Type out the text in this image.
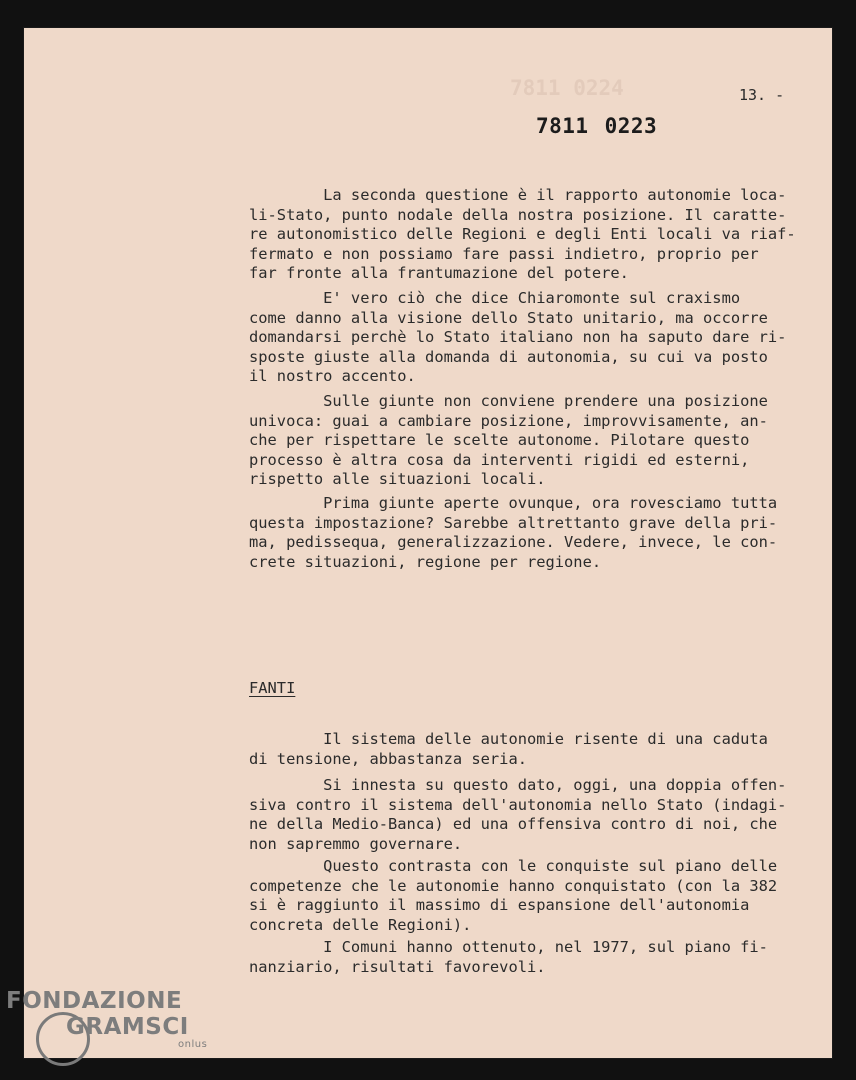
7811 0224	13. -
7811 0223

La seconda questione è il rapporto autonomie loca-
li-Stato, punto nodale della nostra posizione. Il caratte-
re autonomistico delle Regioni e degli Enti locali va riaf-
fermato e non possiamo fare passi indietro, proprio per
far fronte alla frantumazione del potere.

E' vero ciò che dice Chiaromonte sul craxismo
come danno alla visione dello Stato unitario, ma occorre
domandarsi perchè lo Stato italiano non ha saputo dare ri-
sposte giuste alla domanda di autonomia, su cui va posto
il nostro accento.

Sulle giunte non conviene prendere una posizione
univoca: guai a cambiare posizione, improvvisamente, an-
che per rispettare le scelte autonome. Pilotare questo
processo è altra cosa da interventi rigidi ed esterni,
rispetto alle situazioni locali.

Prima giunte aperte ovunque, ora rovesciamo tutta
questa impostazione? Sarebbe altrettanto grave della pri-
ma, pedissequa, generalizzazione. Vedere, invece, le con-
crete situazioni, regione per regione.

FANTI

Il sistema delle autonomie risente di una caduta
di tensione, abbastanza seria.

Si innesta su questo dato, oggi, una doppia offen-
siva contro il sistema dell'autonomia nello Stato (indagi-
ne della Medio-Banca) ed una offensiva contro di noi, che
non sapremmo governare.

Questo contrasta con le conquiste sul piano delle
competenze che le autonomie hanno conquistato (con la 382
si è raggiunto il massimo di espansione dell'autonomia
concreta delle Regioni).

I Comuni hanno ottenuto, nel 1977, sul piano fi-
nanziario, risultati favorevoli.

FONDAZIONE
GRAMSCI
onlus
